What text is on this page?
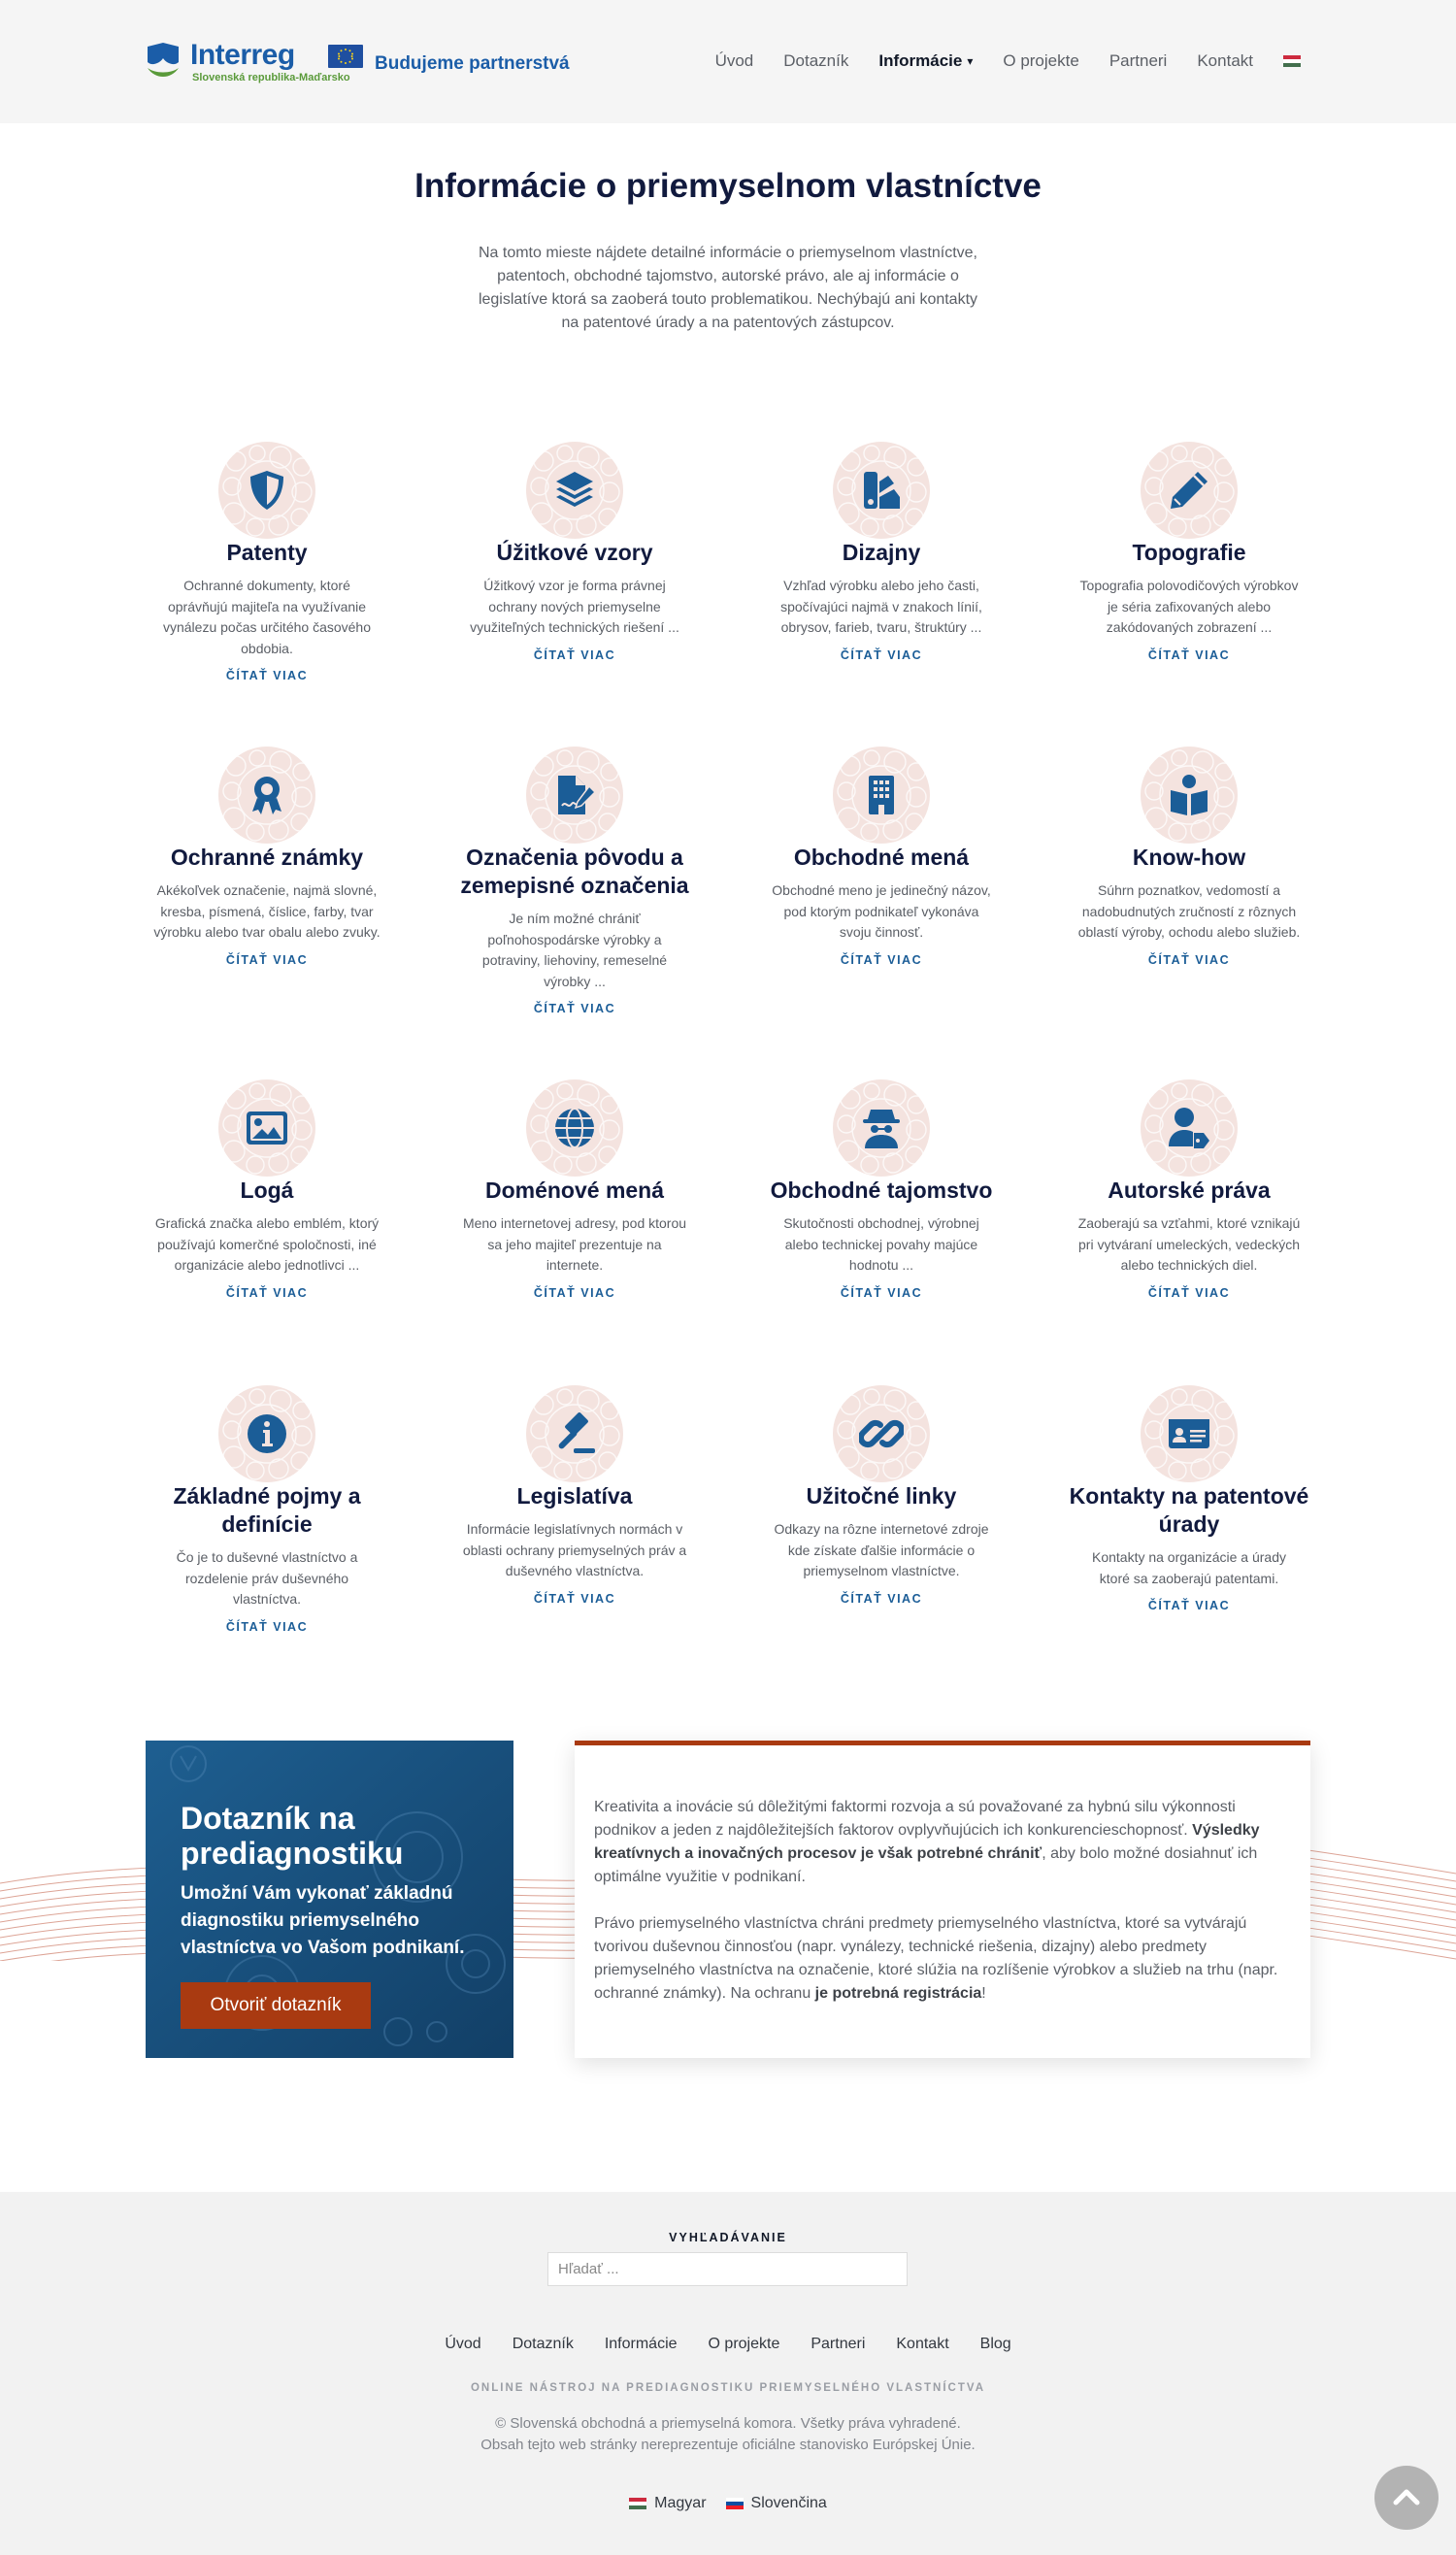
Interreg
Slovenská republika-Maďarsko
Budujeme partnerstvá	Úvod Dotazník Informácie ▾ O projekte Partneri Kontakt
Informácie o priemyselnom vlastníctve

Na tomto mieste nájdete detailné informácie o priemyselnom vlastníctve, patentoch, obchodné tajomstvo, autorské právo, ale aj informácie o legislatíve ktorá sa zaoberá touto problematikou. Nechýbajú ani kontakty na patentové úrady a na patentových zástupcov.

Patenty
Ochranné dokumenty, ktoré oprávňujú majiteľa na využívanie vynálezu počas určitého časového obdobia.
ČÍTAŤ VIAC
Úžitkové vzory
Úžitkový vzor je forma právnej ochrany nových priemyselne využiteľných technických riešení ...
ČÍTAŤ VIAC
Dizajny
Vzhľad výrobku alebo jeho časti, spočívajúci najmä v znakoch línií, obrysov, farieb, tvaru, štruktúry ...
ČÍTAŤ VIAC
Topografie
Topografia polovodičových výrobkov je séria zafixovaných alebo zakódovaných zobrazení ...
ČÍTAŤ VIAC
Ochranné známky
Akékoľvek označenie, najmä slovné, kresba, písmená, číslice, farby, tvar výrobku alebo tvar obalu alebo zvuky.
ČÍTAŤ VIAC
Označenia pôvodu a zemepisné označenia
Je ním možné chrániť poľnohospodárske výrobky a potraviny, liehoviny, remeselné výrobky ...
ČÍTAŤ VIAC
Obchodné mená
Obchodné meno je jedinečný názov, pod ktorým podnikateľ vykonáva svoju činnosť.
ČÍTAŤ VIAC
Know-how
Súhrn poznatkov, vedomostí a nadobudnutých zručností z rôznych oblastí výroby, ochodu alebo služieb.
ČÍTAŤ VIAC
Logá
Grafická značka alebo emblém, ktorý používajú komerčné spoločnosti, iné organizácie alebo jednotlivci ...
ČÍTAŤ VIAC
Doménové mená
Meno internetovej adresy, pod ktorou sa jeho majiteľ prezentuje na internete.
ČÍTAŤ VIAC
Obchodné tajomstvo
Skutočnosti obchodnej, výrobnej alebo technickej povahy majúce hodnotu ...
ČÍTAŤ VIAC
Autorské práva
Zaoberajú sa vzťahmi, ktoré vznikajú pri vytváraní umeleckých, vedeckých alebo technických diel.
ČÍTAŤ VIAC
Základné pojmy a definície
Čo je to duševné vlastníctvo a rozdelenie práv duševného vlastníctva.
ČÍTAŤ VIAC
Legislatíva
Informácie legislatívnych normách v oblasti ochrany priemyselných práv a duševného vlastníctva.
ČÍTAŤ VIAC
Užitočné linky
Odkazy na rôzne internetové zdroje kde získate ďalšie informácie o priemyselnom vlastníctve.
ČÍTAŤ VIAC
Kontakty na patentové úrady
Kontakty na organizácie a úrady ktoré sa zaoberajú patentami.
ČÍTAŤ VIAC
Dotazník na prediagnostiku
Umožní Vám vykonať základnú diagnostiku priemyselného vlastníctva vo Vašom podnikaní.
Otvoriť dotazník

Kreativita a inovácie sú dôležitými faktormi rozvoja a sú považované za hybnú silu výkonnosti podnikov a jeden z najdôležitejších faktorov ovplyvňujúcich ich konkurencieschopnosť. Výsledky kreatívnych a inovačných procesov je však potrebné chrániť, aby bolo možné dosiahnuť ich optimálne využitie v podnikaní.

Právo priemyselného vlastníctva chráni predmety priemyselného vlastníctva, ktoré sa vytvárajú tvorivou duševnou činnosťou (napr. vynálezy, technické riešenia, dizajny) alebo predmety priemyselného vlastníctva na označenie, ktoré slúžia na rozlíšenie výrobkov a služieb na trhu (napr. ochranné známky). Na ochranu je potrebná registrácia!

VYHĽADÁVANIE
Hľadať ...
Úvod Dotazník Informácie O projekte Partneri Kontakt Blog
ONLINE NÁSTROJ NA PREDIAGNOSTIKU PRIEMYSELNÉHO VLASTNÍCTVA
© Slovenská obchodná a priemyselná komora. Všetky práva vyhradené.
Obsah tejto web stránky nereprezentuje oficiálne stanovisko Európskej Únie.
Magyar	Slovenčina
